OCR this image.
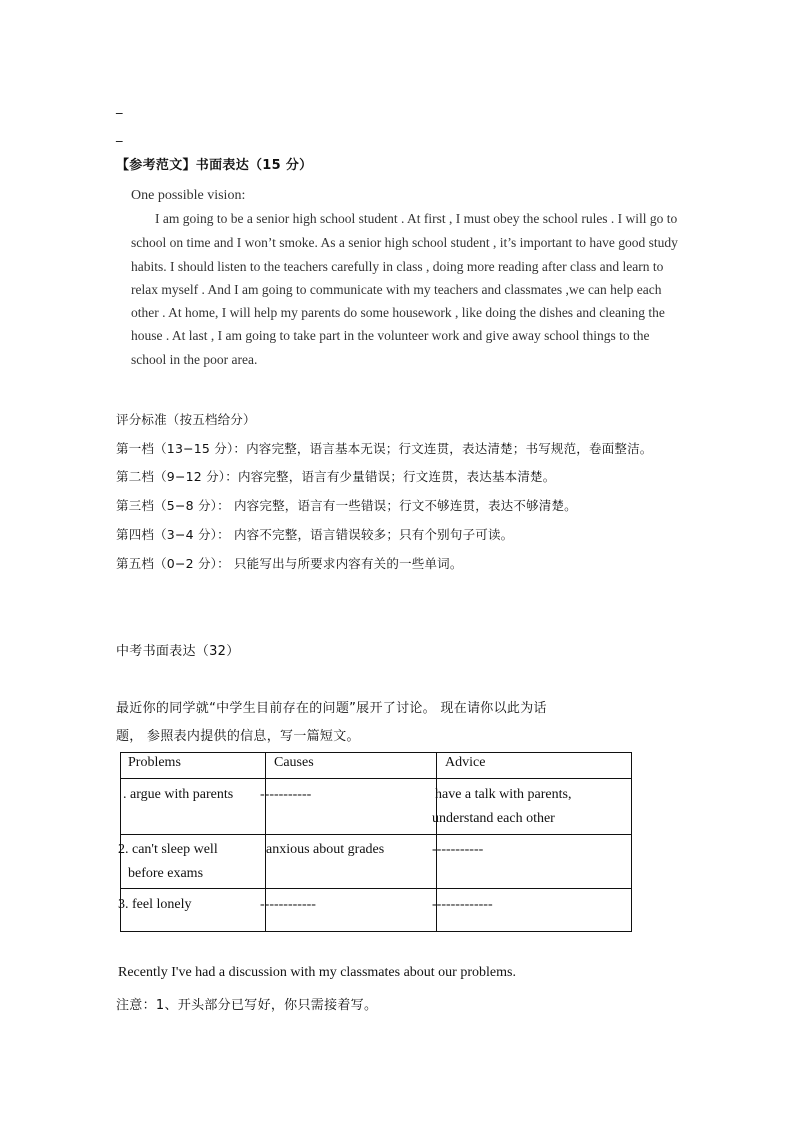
_
_
【参考范文】书面表达（15 分）
One possible vision:
I am going to be a senior high school student . At first , I must obey the school rules . I will go to
school on time and I won’t smoke. As a senior high school student , it’s important to have good study
habits. I should listen to the teachers carefully in class , doing more reading after class and learn to
relax myself . And I am going to communicate with my teachers and classmates ,we can help each
other . At home, I will help my parents do some housework , like doing the dishes and cleaning the
house . At last , I am going to take part in the volunteer work and give away school things to the
school in the poor area.
评分标准（按五档给分）
第一档（13−15 分）：内容完整，语言基本无误；行文连贯，表达清楚；书写规范，卷面整洁。
第二档（9−12 分）：内容完整，语言有少量错误；行文连贯，表达基本清楚。
第三档（5−8 分）： 内容完整，语言有一些错误；行文不够连贯，表达不够清楚。
第四档（3−4 分）： 内容不完整，语言错误较多；只有个别句子可读。
第五档（0−2 分）： 只能写出与所要求内容有关的一些单词。
中考书面表达（32）
最近你的同学就“中学生目前存在的问题”展开了讨论。 现在请你以此为话
题， 参照表内提供的信息，写一篇短文。
Problems	Causes	Advice

. argue with parents	-----------	have a talk with parents,
understand each other

2. can't sleep well
before exams	anxious about grades	-----------

3. feel lonely	------------	-------------
Recently I've had a discussion with my classmates about our problems.
注意：1、开头部分已写好，你只需接着写。
